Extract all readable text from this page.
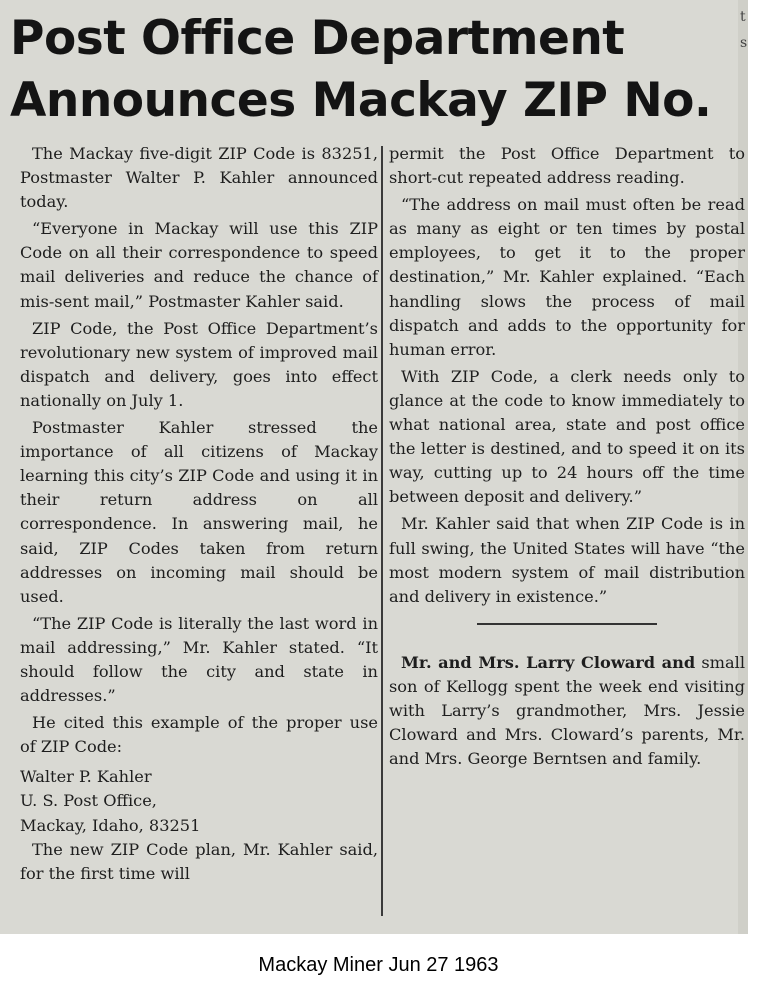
t
s
Post Office Department
Announces Mackay ZIP No.

The Mackay five-digit ZIP Code is 83251, Postmaster Walter P. Kahler announced today.

“Everyone in Mackay will use this ZIP Code on all their correspondence to speed mail deliveries and reduce the chance of mis-sent mail,” Postmaster Kahler said.

ZIP Code, the Post Office Department’s revolutionary new system of improved mail dispatch and delivery, goes into effect nationally on July 1.

Postmaster Kahler stressed the importance of all citizens of Mackay learning this city’s ZIP Code and using it in their return address on all correspondence. In answering mail, he said, ZIP Codes taken from return addresses on incoming mail should be used.

“The ZIP Code is literally the last word in mail addressing,” Mr. Kahler stated. “It should follow the city and state in addresses.”

He cited this example of the proper use of ZIP Code:

Walter P. Kahler
U. S. Post Office,
Mackay, Idaho, 83251

The new ZIP Code plan, Mr. Kahler said, for the first time will

permit the Post Office Department to short-cut repeated address reading.

“The address on mail must often be read as many as eight or ten times by postal employees, to get it to the proper destination,” Mr. Kahler explained. “Each handling slows the process of mail dispatch and adds to the opportunity for human error.

With ZIP Code, a clerk needs only to glance at the code to know immediately to what national area, state and post office the letter is destined, and to speed it on its way, cutting up to 24 hours off the time between deposit and delivery.”

Mr. Kahler said that when ZIP Code is in full swing, the United States will have “the most modern system of mail distribution and delivery in existence.”

Mr. and Mrs. Larry Cloward and small son of Kellogg spent the week end visiting with Larry’s grandmother, Mrs. Jessie Cloward and Mrs. Cloward’s parents, Mr. and Mrs. George Berntsen and family.

Mackay Miner Jun 27 1963
